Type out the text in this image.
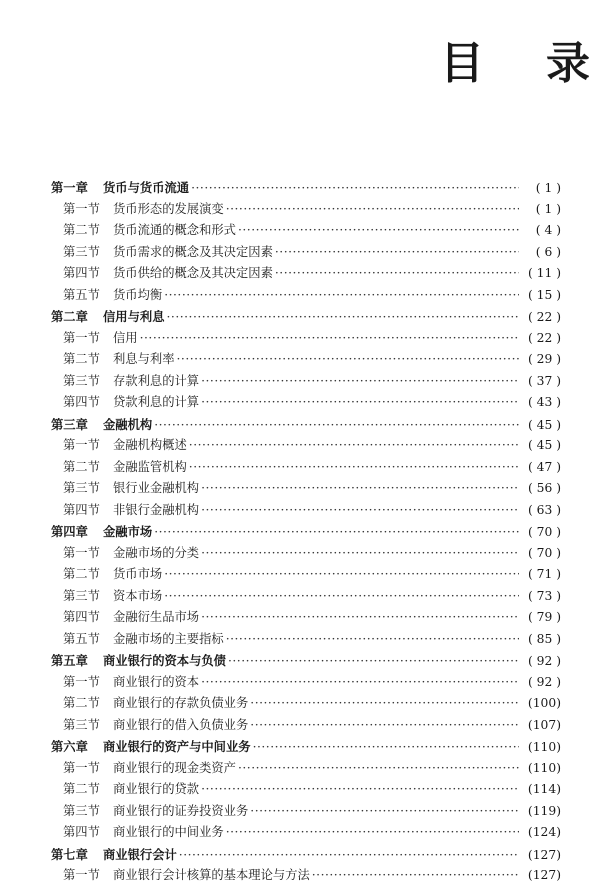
目 录
第一章	货币与货币流通 ·····	( 1 )
第一节	货币形态的发展演变 ·····	( 1 )
第二节	货币流通的概念和形式 ·····	( 4 )
第三节	货币需求的概念及其决定因素 ·····	( 6 )
第四节	货币供给的概念及其决定因素 ·····	( 11 )
第五节	货币均衡 ·····	( 15 )
第二章	信用与利息 ·····	( 22 )
第一节	信用 ·····	( 22 )
第二节	利息与利率 ·····	( 29 )
第三节	存款利息的计算 ·····	( 37 )
第四节	贷款利息的计算 ·····	( 43 )
第三章	金融机构 ·····	( 45 )
第一节	金融机构概述 ·····	( 45 )
第二节	金融监管机构 ·····	( 47 )
第三节	银行业金融机构 ·····	( 56 )
第四节	非银行金融机构 ·····	( 63 )
第四章	金融市场 ·····	( 70 )
第一节	金融市场的分类 ·····	( 70 )
第二节	货币市场 ·····	( 71 )
第三节	资本市场 ·····	( 73 )
第四节	金融衍生品市场 ·····	( 79 )
第五节	金融市场的主要指标 ·····	( 85 )
第五章	商业银行的资本与负债 ·····	( 92 )
第一节	商业银行的资本 ·····	( 92 )
第二节	商业银行的存款负债业务 ·····	(100)
第三节	商业银行的借入负债业务 ·····	(107)
第六章	商业银行的资产与中间业务 ·····	(110)
第一节	商业银行的现金类资产 ·····	(110)
第二节	商业银行的贷款 ·····	(114)
第三节	商业银行的证券投资业务 ·····	(119)
第四节	商业银行的中间业务 ·····	(124)
第七章	商业银行会计 ·····	(127)
第一节	商业银行会计核算的基本理论与方法 ·····	(127)
